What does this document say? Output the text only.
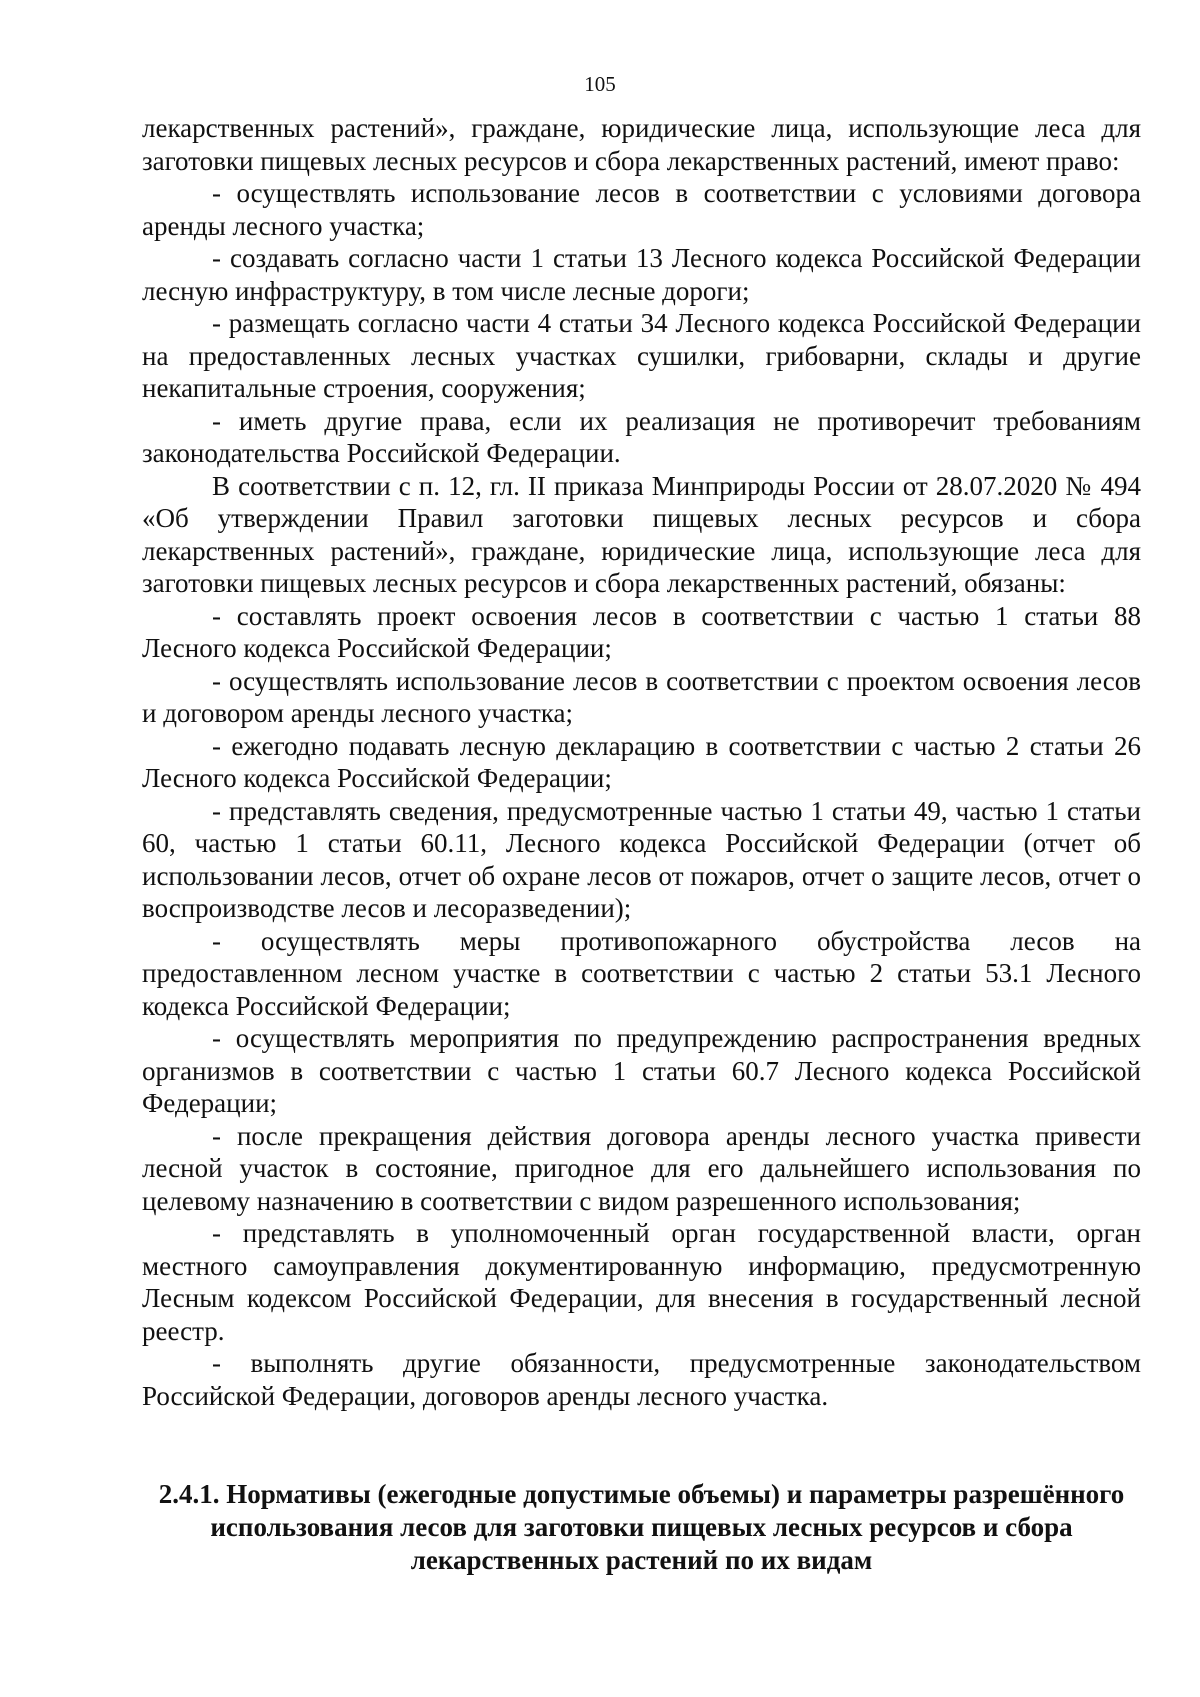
105

лекарственных растений», граждане, юридические лица, использующие леса для заготовки пищевых лесных ресурсов и сбора лекарственных растений, имеют право:

- осуществлять использование лесов в соответствии с условиями договора аренды лесного участка;

- создавать согласно части 1 статьи 13 Лесного кодекса Российской Федерации лесную инфраструктуру, в том числе лесные дороги;

- размещать согласно части 4 статьи 34 Лесного кодекса Российской Федерации на предоставленных лесных участках сушилки, грибоварни, склады и другие некапитальные строения, сооружения;

- иметь другие права, если их реализация не противоречит требованиям законодательства Российской Федерации.

В соответствии с п. 12, гл. II приказа Минприроды России от 28.07.2020 № 494 «Об утверждении Правил заготовки пищевых лесных ресурсов и сбора лекарственных растений», граждане, юридические лица, использующие леса для заготовки пищевых лесных ресурсов и сбора лекарственных растений, обязаны:

- составлять проект освоения лесов в соответствии с частью 1 статьи 88 Лесного кодекса Российской Федерации;

- осуществлять использование лесов в соответствии с проектом освоения лесов и договором аренды лесного участка;

- ежегодно подавать лесную декларацию в соответствии с частью 2 статьи 26 Лесного кодекса Российской Федерации;

- представлять сведения, предусмотренные частью 1 статьи 49, частью 1 статьи 60, частью 1 статьи 60.11, Лесного кодекса Российской Федерации (отчет об использовании лесов, отчет об охране лесов от пожаров, отчет о защите лесов, отчет о воспроизводстве лесов и лесоразведении);

- осуществлять меры противопожарного обустройства лесов на предоставленном лесном участке в соответствии с частью 2 статьи 53.1 Лесного кодекса Российской Федерации;

- осуществлять мероприятия по предупреждению распространения вредных организмов в соответствии с частью 1 статьи 60.7 Лесного кодекса Российской Федерации;

- после прекращения действия договора аренды лесного участка привести лесной участок в состояние, пригодное для его дальнейшего использования по целевому назначению в соответствии с видом разрешенного использования;

- представлять в уполномоченный орган государственной власти, орган местного самоуправления документированную информацию, предусмотренную Лесным кодексом Российской Федерации, для внесения в государственный лесной реестр.

- выполнять другие обязанности, предусмотренные законодательством Российской Федерации, договоров аренды лесного участка.

2.4.1. Нормативы (ежегодные допустимые объемы) и параметры разрешённого использования лесов для заготовки пищевых лесных ресурсов и сбора лекарственных растений по их видам
